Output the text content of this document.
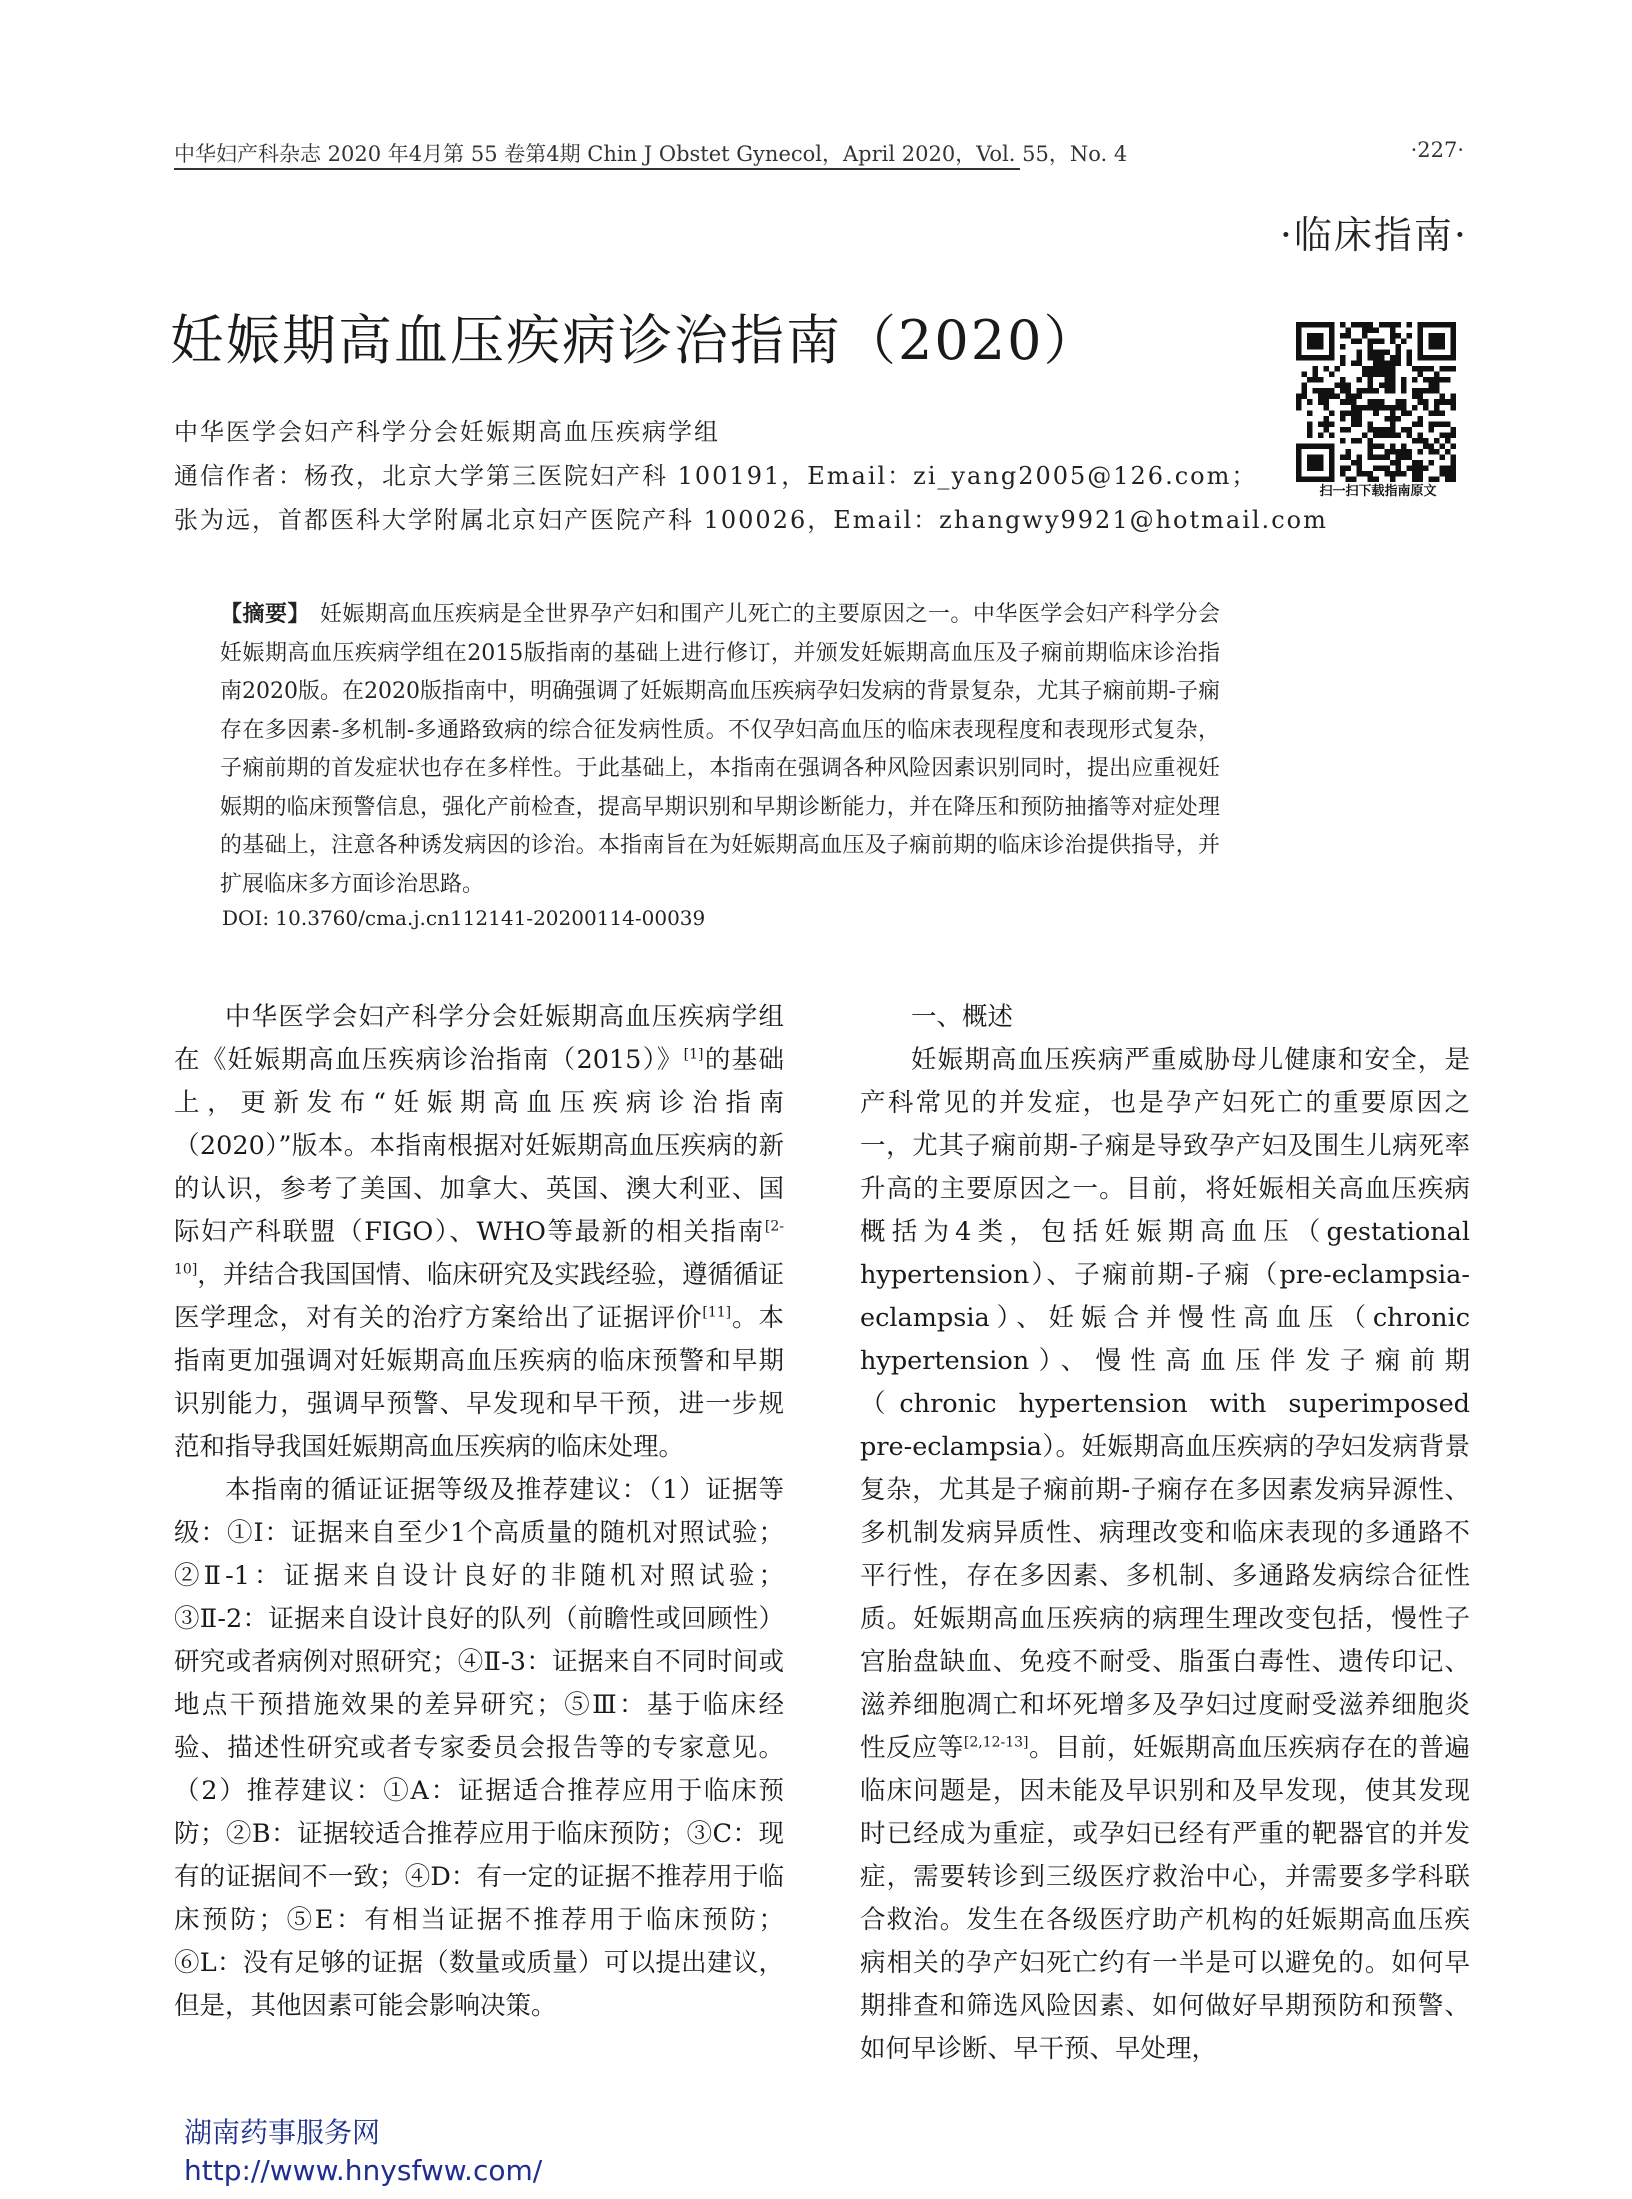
中华妇产科杂志 2020 年4月第 55 卷第4期 Chin J Obstet Gynecol，April 2020，Vol. 55，No. 4	·227·
·临床指南·
妊娠期高血压疾病诊治指南（2020）
扫一扫下载指南原文
中华医学会妇产科学分会妊娠期高血压疾病学组
通信作者：杨孜，北京大学第三医院妇产科 100191，Email：zi_yang2005@126.com；
张为远，首都医科大学附属北京妇产医院产科 100026，Email：zhangwy9921@hotmail.com
【摘要】 妊娠期高血压疾病是全世界孕产妇和围产儿死亡的主要原因之一。中华医学会妇产科学分会妊娠期高血压疾病学组在2015版指南的基础上进行修订，并颁发妊娠期高血压及子痫前期临床诊治指南2020版。在2020版指南中，明确强调了妊娠期高血压疾病孕妇发病的背景复杂，尤其子痫前期-子痫存在多因素-多机制-多通路致病的综合征发病性质。不仅孕妇高血压的临床表现程度和表现形式复杂，子痫前期的首发症状也存在多样性。于此基础上，本指南在强调各种风险因素识别同时，提出应重视妊娠期的临床预警信息，强化产前检查，提高早期识别和早期诊断能力，并在降压和预防抽搐等对症处理的基础上，注意各种诱发病因的诊治。本指南旨在为妊娠期高血压及子痫前期的临床诊治提供指导，并扩展临床多方面诊治思路。
DOI: 10.3760/cma.j.cn112141-20200114-00039

中华医学会妇产科学分会妊娠期高血压疾病学组在《妊娠期高血压疾病诊治指南（2015）》[1]的基础上，更新发布“妊娠期高血压疾病诊治指南（2020）”版本。本指南根据对妊娠期高血压疾病的新的认识，参考了美国、加拿大、英国、澳大利亚、国际妇产科联盟（FIGO）、WHO等最新的相关指南[2-10]，并结合我国国情、临床研究及实践经验，遵循循证医学理念，对有关的治疗方案给出了证据评价[11]。本指南更加强调对妊娠期高血压疾病的临床预警和早期识别能力，强调早预警、早发现和早干预，进一步规范和指导我国妊娠期高血压疾病的临床处理。

本指南的循证证据等级及推荐建议：（1）证据等级：①Ⅰ：证据来自至少1个高质量的随机对照试验；②Ⅱ-1：证据来自设计良好的非随机对照试验；③Ⅱ-2：证据来自设计良好的队列（前瞻性或回顾性）研究或者病例对照研究；④Ⅱ-3：证据来自不同时间或地点干预措施效果的差异研究；⑤Ⅲ：基于临床经验、描述性研究或者专家委员会报告等的专家意见。（2）推荐建议：①A：证据适合推荐应用于临床预防；②B：证据较适合推荐应用于临床预防；③C：现有的证据间不一致；④D：有一定的证据不推荐用于临床预防；⑤E：有相当证据不推荐用于临床预防；⑥L：没有足够的证据（数量或质量）可以提出建议，但是，其他因素可能会影响决策。

一、概述

妊娠期高血压疾病严重威胁母儿健康和安全，是产科常见的并发症，也是孕产妇死亡的重要原因之一，尤其子痫前期-子痫是导致孕产妇及围生儿病死率升高的主要原因之一。目前，将妊娠相关高血压疾病概括为4类，包括妊娠期高血压（gestational hypertension）、子痫前期-子痫（pre-eclampsia-eclampsia）、妊娠合并慢性高血压（chronic hypertension）、慢性高血压伴发子痫前期（chronic hypertension with superimposed pre-eclampsia）。妊娠期高血压疾病的孕妇发病背景复杂，尤其是子痫前期-子痫存在多因素发病异源性、多机制发病异质性、病理改变和临床表现的多通路不平行性，存在多因素、多机制、多通路发病综合征性质。妊娠期高血压疾病的病理生理改变包括，慢性子宫胎盘缺血、免疫不耐受、脂蛋白毒性、遗传印记、滋养细胞凋亡和坏死增多及孕妇过度耐受滋养细胞炎性反应等[2,12-13]。目前，妊娠期高血压疾病存在的普遍临床问题是，因未能及早识别和及早发现，使其发现时已经成为重症，或孕妇已经有严重的靶器官的并发症，需要转诊到三级医疗救治中心，并需要多学科联合救治。发生在各级医疗助产机构的妊娠期高血压疾病相关的孕产妇死亡约有一半是可以避免的。如何早期排查和筛选风险因素、如何做好早期预防和预警、如何早诊断、早干预、早处理，

湖南药事服务网
http://www.hnysfww.com/
